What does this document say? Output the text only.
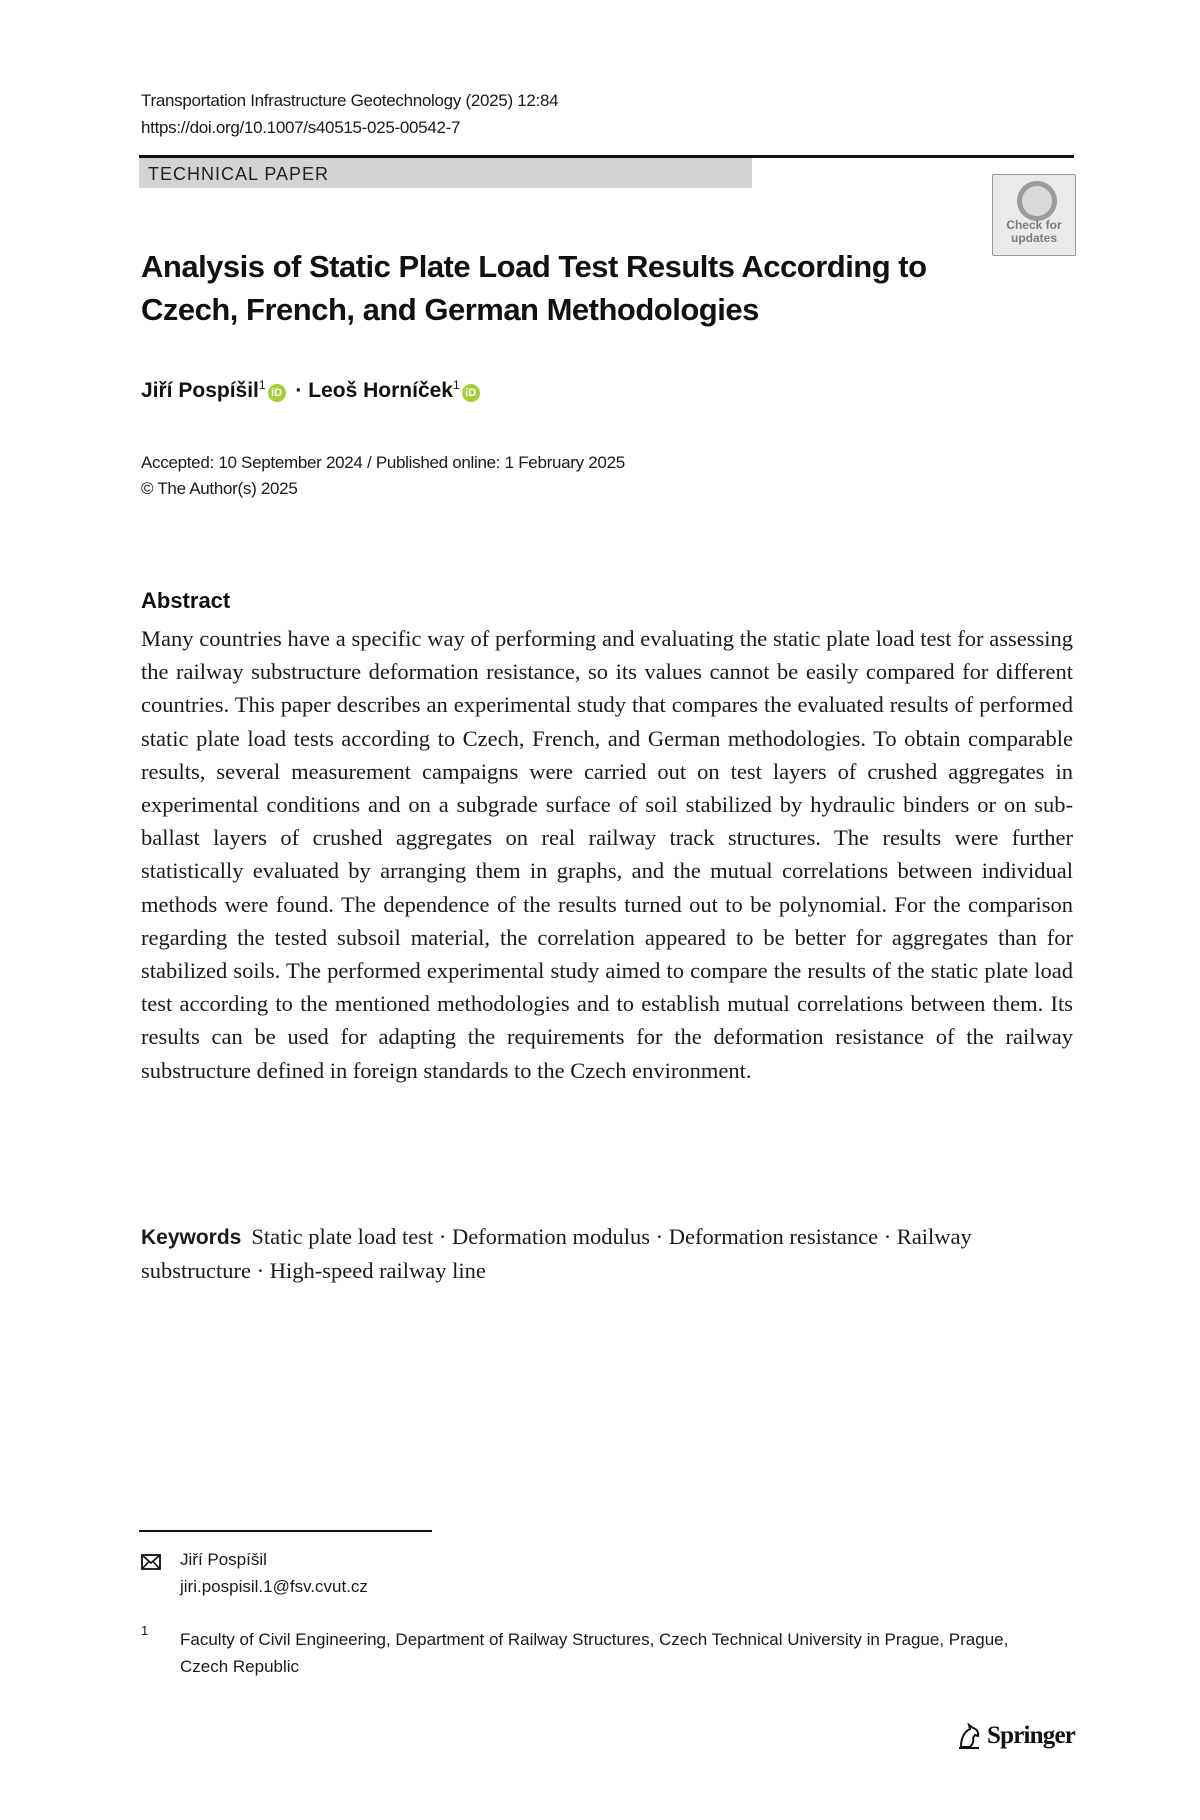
Transportation Infrastructure Geotechnology (2025) 12:84
https://doi.org/10.1007/s40515-025-00542-7
TECHNICAL PAPER
Check for updates
Analysis of Static Plate Load Test Results According to Czech, French, and German Methodologies
Jiří Pospíšil$^1$iD · Leoš Horníček$^1$iD
Accepted: 10 September 2024 / Published online: 1 February 2025
© The Author(s) 2025
Abstract
Many countries have a specific way of performing and evaluating the static plate load test for assessing the railway substructure deformation resistance, so its values cannot be easily compared for different countries. This paper describes an experimental study that compares the evaluated results of performed static plate load tests according to Czech, French, and German methodologies. To obtain comparable results, several measurement campaigns were carried out on test layers of crushed aggregates in experimental conditions and on a subgrade surface of soil stabilized by hydraulic binders or on sub-ballast layers of crushed aggregates on real railway track structures. The results were further statistically evaluated by arranging them in graphs, and the mutual correlations between individual methods were found. The dependence of the results turned out to be polynomial. For the comparison regarding the tested subsoil material, the correlation appeared to be better for aggregates than for stabilized soils. The performed experimental study aimed to compare the results of the static plate load test according to the mentioned methodologies and to establish mutual correlations between them. Its results can be used for adapting the requirements for the deformation resistance of the railway substructure defined in foreign standards to the Czech environment.
Keywords Static plate load test · Deformation modulus · Deformation resistance · Railway substructure · High-speed railway line
Jiří Pospíšil
jiri.pospisil.1@fsv.cvut.cz
1 Faculty of Civil Engineering, Department of Railway Structures, Czech Technical University in Prague, Prague, Czech Republic
Springer
